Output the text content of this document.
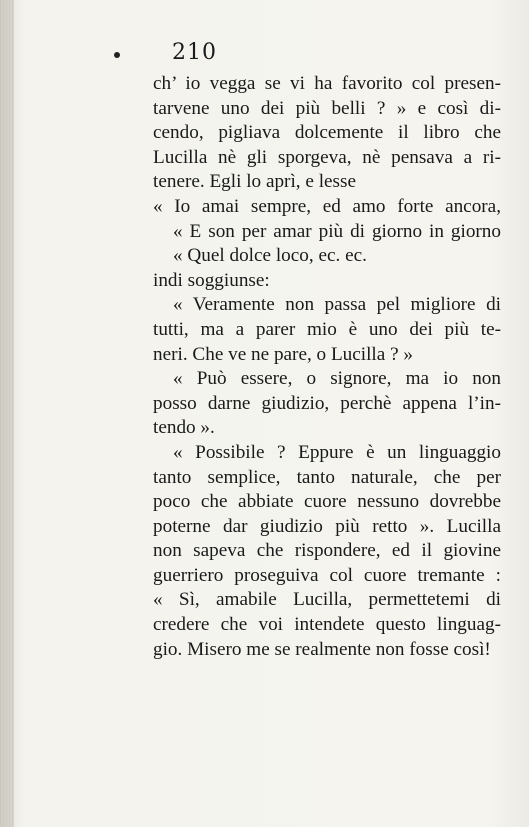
210
ch’ io vegga se vi ha favorito col presen-
tarvene uno dei più belli ? » e così di-
cendo, pigliava dolcemente il libro che
Lucilla nè gli sporgeva, nè pensava a ri-
tenere. Egli lo aprì, e lesse
« Io amai sempre, ed amo forte ancora,
« E son per amar più di giorno in giorno
« Quel dolce loco, ec. ec.
indi soggiunse:
« Veramente non passa pel migliore di
tutti, ma a parer mio è uno dei più te-
neri. Che ve ne pare, o Lucilla ? »
« Può essere, o signore, ma io non
posso darne giudizio, perchè appena l’in-
tendo ».
« Possibile ? Eppure è un linguaggio
tanto semplice, tanto naturale, che per
poco che abbiate cuore nessuno dovrebbe
poterne dar giudizio più retto ». Lucilla
non sapeva che rispondere, ed il giovine
guerriero proseguiva col cuore tremante :
« Sì, amabile Lucilla, permettetemi di
credere che voi intendete questo linguag-
gio. Misero me se realmente non fosse così!
